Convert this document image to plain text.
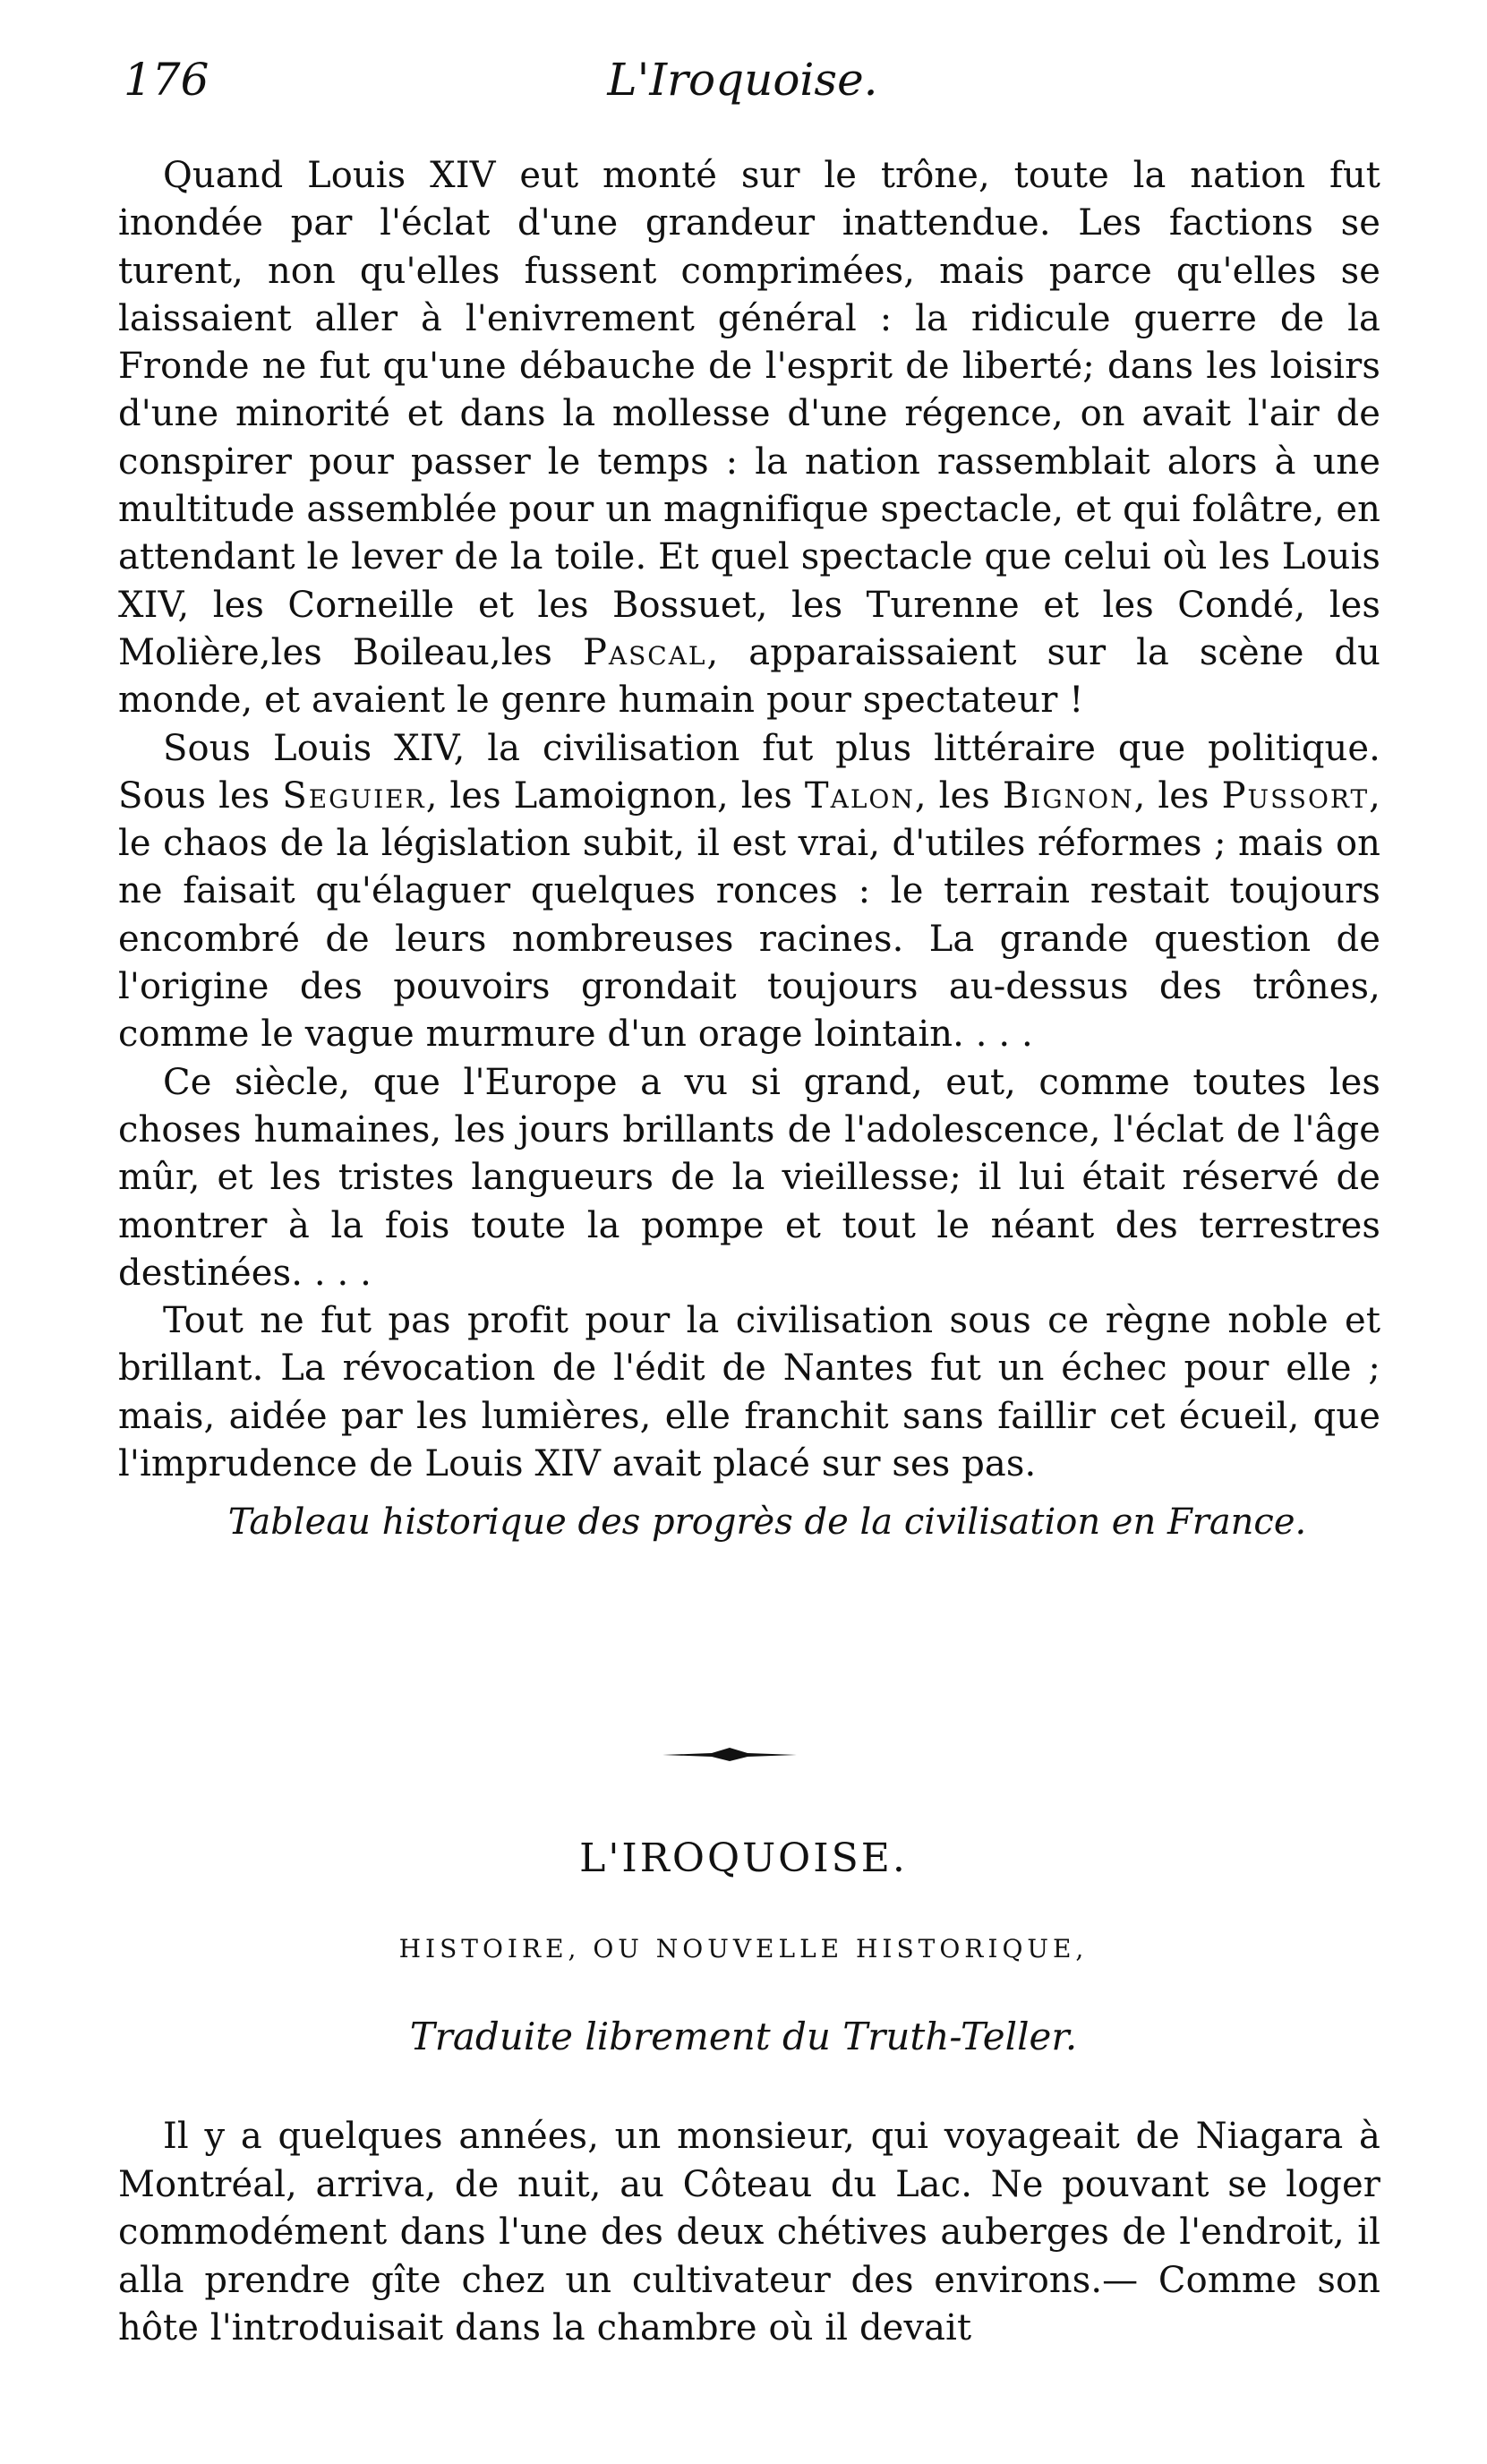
176	L'Iroquoise.

Quand Louis XIV eut monté sur le trône, toute la nation fut inondée par l'éclat d'une grandeur inattendue. Les factions se turent, non qu'elles fussent comprimées, mais parce qu'elles se laissaient aller à l'enivrement général : la ridicule guerre de la Fronde ne fut qu'une débauche de l'esprit de liberté; dans les loisirs d'une minorité et dans la mollesse d'une régence, on avait l'air de conspirer pour passer le temps : la nation rassemblait alors à une multitude assemblée pour un magnifique spectacle, et qui folâtre, en attendant le lever de la toile. Et quel spectacle que celui où les Louis XIV, les Corneille et les Bossuet, les Turenne et les Condé, les Molière,les Boileau,les Pascal, apparaissaient sur la scène du monde, et avaient le genre humain pour spectateur !

Sous Louis XIV, la civilisation fut plus littéraire que politique. Sous les Seguier, les Lamoignon, les Talon, les Bignon, les Pussort, le chaos de la législation subit, il est vrai, d'utiles réformes ; mais on ne faisait qu'élaguer quelques ronces : le terrain restait toujours encombré de leurs nombreuses racines. La grande question de l'origine des pouvoirs grondait toujours au-dessus des trônes, comme le vague murmure d'un orage lointain. . . .

Ce siècle, que l'Europe a vu si grand, eut, comme toutes les choses humaines, les jours brillants de l'adolescence, l'éclat de l'âge mûr, et les tristes langueurs de la vieillesse; il lui était réservé de montrer à la fois toute la pompe et tout le néant des terrestres destinées. . . .

Tout ne fut pas profit pour la civilisation sous ce règne noble et brillant. La révocation de l'édit de Nantes fut un échec pour elle ; mais, aidée par les lumières, elle franchit sans faillir cet écueil, que l'imprudence de Louis XIV avait placé sur ses pas.

Tableau historique des progrès de la civilisation en France.

L'IROQUOISE.
HISTOIRE, OU NOUVELLE HISTORIQUE,
Traduite librement du Truth-Teller.

Il y a quelques années, un monsieur, qui voyageait de Niagara à Montréal, arriva, de nuit, au Côteau du Lac. Ne pouvant se loger commodément dans l'une des deux chétives auberges de l'endroit, il alla prendre gîte chez un cultivateur des environs.— Comme son hôte l'introduisait dans la chambre où il devait
